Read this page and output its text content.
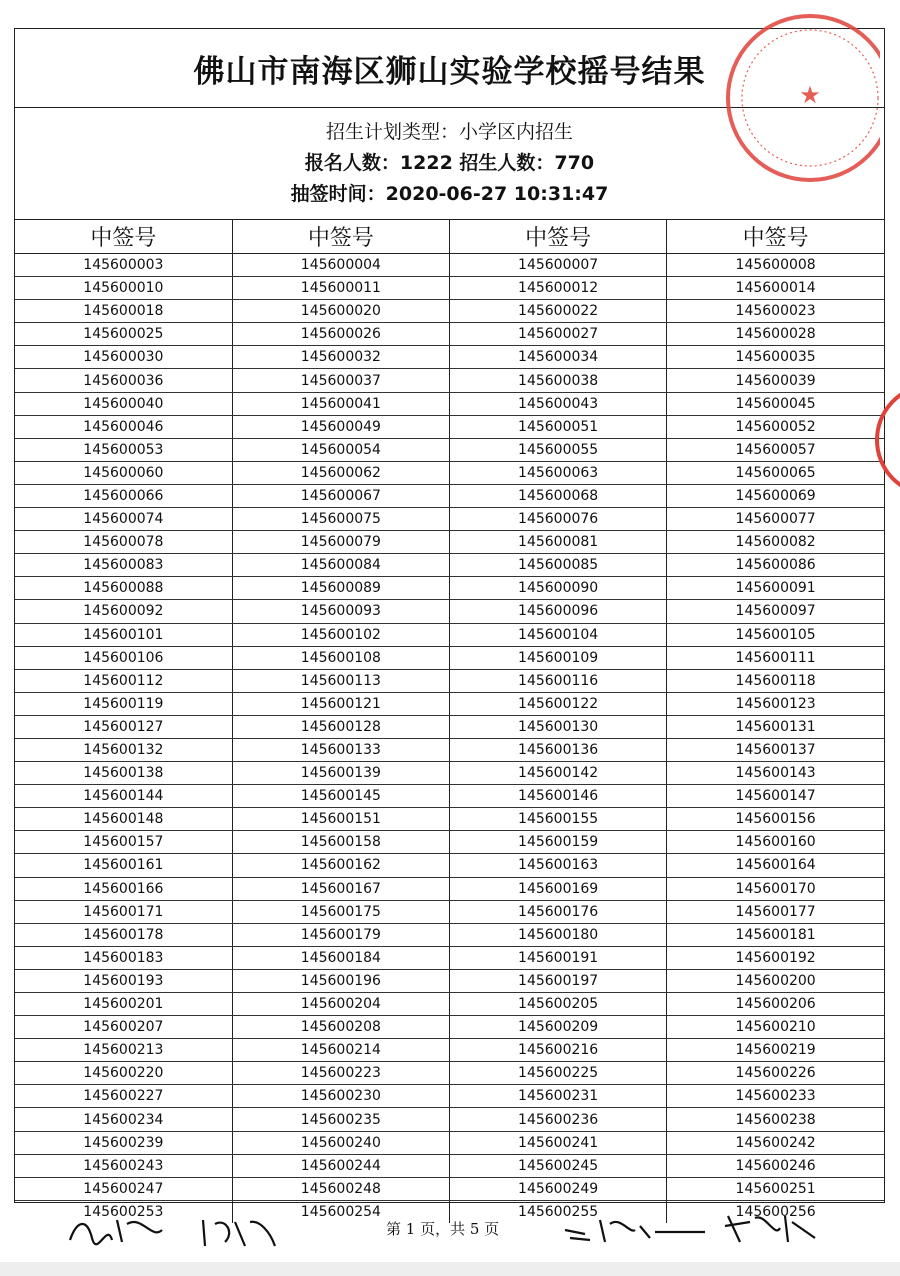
佛山市南海区狮山实验学校摇号结果
招生计划类型：小学区内招生
报名人数：1222 招生人数：770
抽签时间：2020-06-27 10:31:47
中签号	中签号	中签号	中签号
145600003	145600004	145600007	145600008
145600010	145600011	145600012	145600014
145600018	145600020	145600022	145600023
145600025	145600026	145600027	145600028
145600030	145600032	145600034	145600035
145600036	145600037	145600038	145600039
145600040	145600041	145600043	145600045
145600046	145600049	145600051	145600052
145600053	145600054	145600055	145600057
145600060	145600062	145600063	145600065
145600066	145600067	145600068	145600069
145600074	145600075	145600076	145600077
145600078	145600079	145600081	145600082
145600083	145600084	145600085	145600086
145600088	145600089	145600090	145600091
145600092	145600093	145600096	145600097
145600101	145600102	145600104	145600105
145600106	145600108	145600109	145600111
145600112	145600113	145600116	145600118
145600119	145600121	145600122	145600123
145600127	145600128	145600130	145600131
145600132	145600133	145600136	145600137
145600138	145600139	145600142	145600143
145600144	145600145	145600146	145600147
145600148	145600151	145600155	145600156
145600157	145600158	145600159	145600160
145600161	145600162	145600163	145600164
145600166	145600167	145600169	145600170
145600171	145600175	145600176	145600177
145600178	145600179	145600180	145600181
145600183	145600184	145600191	145600192
145600193	145600196	145600197	145600200
145600201	145600204	145600205	145600206
145600207	145600208	145600209	145600210
145600213	145600214	145600216	145600219
145600220	145600223	145600225	145600226
145600227	145600230	145600231	145600233
145600234	145600235	145600236	145600238
145600239	145600240	145600241	145600242
145600243	145600244	145600245	145600246
145600247	145600248	145600249	145600251
145600253	145600254	145600255	145600256
★
第 1 页，共 5 页
